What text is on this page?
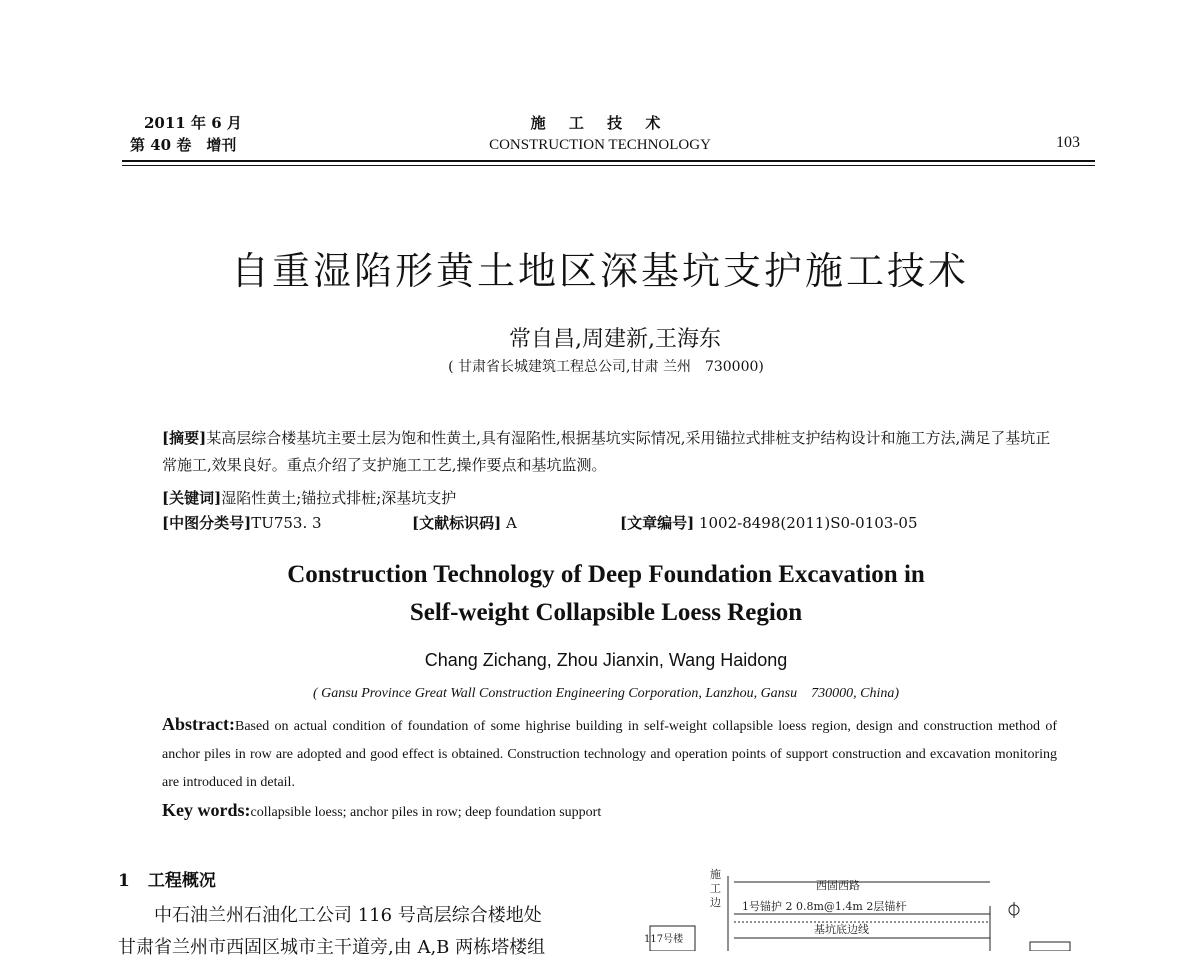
2011 年 6 月
第 40 卷　增刊
施 工 技 术
CONSTRUCTION TECHNOLOGY	103
自重湿陷形黄土地区深基坑支护施工技术
常自昌,周建新,王海东
( 甘肃省长城建筑工程总公司,甘肃 兰州　730000)
[摘要]某高层综合楼基坑主要土层为饱和性黄土,具有湿陷性,根据基坑实际情况,采用锚拉式排桩支护结构设计和施工方法,满足了基坑正常施工,效果良好。重点介绍了支护施工工艺,操作要点和基坑监测。
[关键词]湿陷性黄土;锚拉式排桩;深基坑支护
[中图分类号]TU753. 3	[文献标识码] A	[文章编号] 1002-8498(2011)S0-0103-05
Construction Technology of Deep Foundation Excavation in
Self-weight Collapsible Loess Region
Chang Zichang, Zhou Jianxin, Wang Haidong
( Gansu Province Great Wall Construction Engineering Corporation, Lanzhou, Gansu　730000, China)
Abstract:Based on actual condition of foundation of some highrise building in self-weight collapsible loess region, design and construction method of anchor piles in row are adopted and good effect is obtained. Construction technology and operation points of support construction and excavation monitoring are introduced in detail.
Key words:collapsible loess; anchor piles in row; deep foundation support
1 工程概况

中石油兰州石油化工公司 116 号高层综合楼地处

甘肃省兰州市西固区城市主干道旁,由 A,B 两栋塔楼组

施
工
边
西固西路
1号锚护 2 0.8m@1.4m 2层锚杆
基坑底边线
117号楼
